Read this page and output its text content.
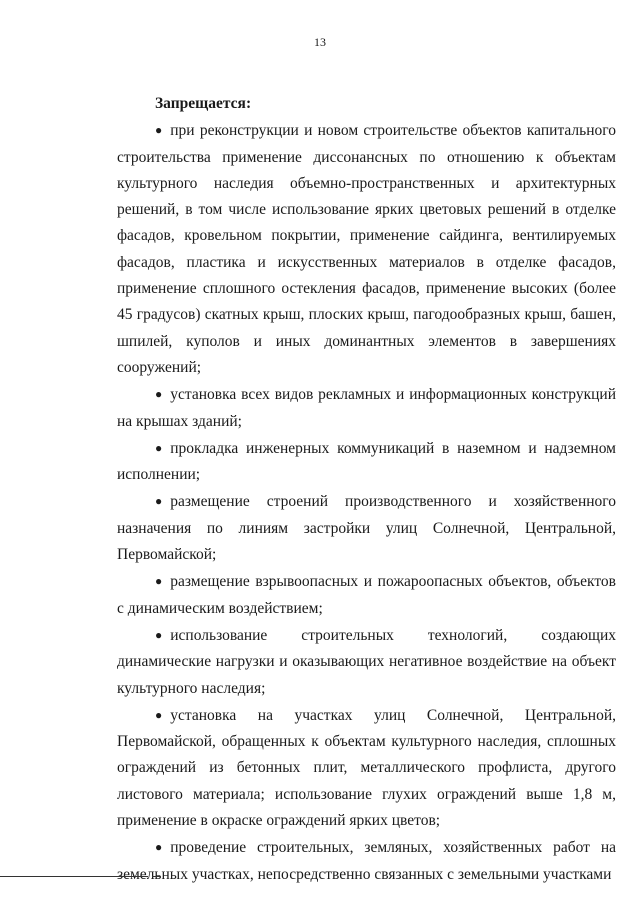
13

Запрещается:

● при реконструкции и новом строительстве объектов капитального строительства применение диссонансных по отношению к объектам культурного наследия объемно-пространственных и архитектурных решений, в том числе использование ярких цветовых решений в отделке фасадов, кровельном покрытии, применение сайдинга, вентилируемых фасадов, пластика и искусственных материалов в отделке фасадов, применение сплошного остекления фасадов, применение высоких (более 45 градусов) скатных крыш, плоских крыш, пагодообразных крыш, башен, шпилей, куполов и иных доминантных элементов в завершениях сооружений;

● установка всех видов рекламных и информационных конструкций на крышах зданий;

● прокладка инженерных коммуникаций в наземном и надземном исполнении;

● размещение строений производственного и хозяйственного назначения по линиям застройки улиц Солнечной, Центральной, Первомайской;

● размещение взрывоопасных и пожароопасных объектов, объектов с динамическим воздействием;

● использование строительных технологий, создающих динамические нагрузки и оказывающих негативное воздействие на объект культурного наследия;

● установка на участках улиц Солнечной, Центральной, Первомайской, обращенных к объектам культурного наследия, сплошных ограждений из бетонных плит, металлического профлиста, другого листового материала; использование глухих ограждений выше 1,8 м, применение в окраске ограждений ярких цветов;

● проведение строительных, земляных, хозяйственных работ на земельных участках, непосредственно связанных с земельными участками
